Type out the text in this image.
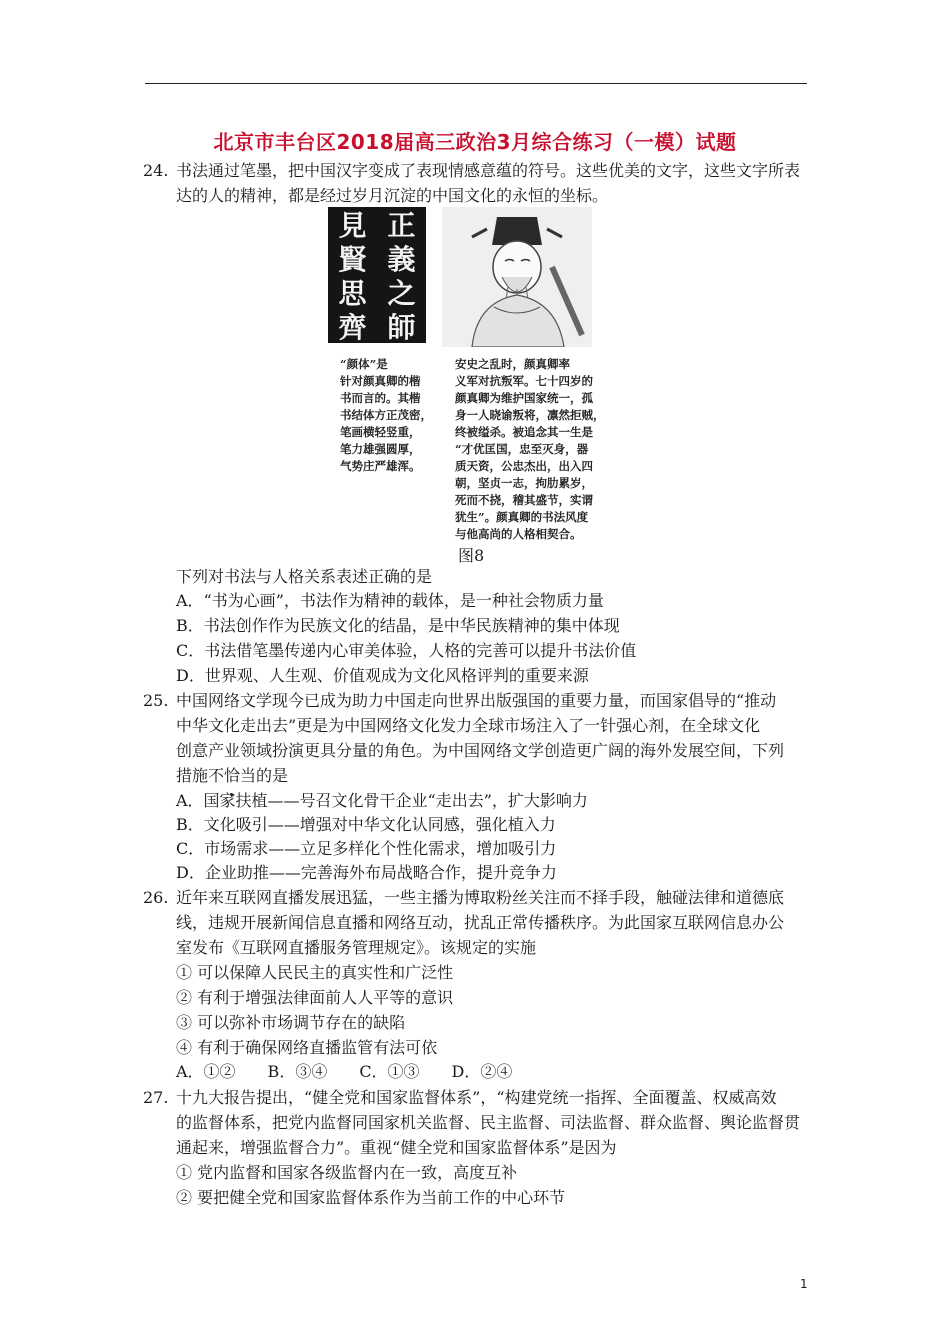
北京市丰台区2018届高三政治3月综合练习（一模）试题
24. 书法通过笔墨，把中国汉字变成了表现情感意蕴的符号。这些优美的文字，这些文字所表
达的人的精神，都是经过岁月沉淀的中国文化的永恒的坐标。
見
賢
思
齊
正
義
之
師
“颜体”是
针对颜真卿的楷
书而言的。其楷
书结体方正茂密，
笔画横轻竖重，
笔力雄强圆厚，
气势庄严雄浑。
安史之乱时，颜真卿率
义军对抗叛军。七十四岁的
颜真卿为维护国家统一，孤
身一人晓谕叛将，凛然拒贼，
终被缢杀。被追念其一生是
“才优匡国，忠至灭身，器
质天资，公忠杰出，出入四
朝，坚贞一志，拘肋累岁，
死而不挠，稽其盛节，实谓
犹生”。颜真卿的书法风度
与他高尚的人格相契合。
图8
下列对书法与人格关系表述正确的是
A．“书为心画”，书法作为精神的载体，是一种社会物质力量
B．书法创作作为民族文化的结晶，是中华民族精神的集中体现
C．书法借笔墨传递内心审美体验，人格的完善可以提升书法价值
D．世界观、人生观、价值观成为文化风格评判的重要来源
25. 中国网络文学现今已成为助力中国走向世界出版强国的重要力量，而国家倡导的“推动
中华文化走出去”更是为中国网络文化发力全球市场注入了一针强心剂，在全球文化
创意产业领域扮演更具分量的角色。为中国网络文学创造更广阔的海外发展空间，下列
措施不恰当的是
A．国家扶植——号召文化骨干企业“走出去”，扩大影响力
B．文化吸引——增强对中华文化认同感，强化植入力
C．市场需求——立足多样化个性化需求，增加吸引力
D．企业助推——完善海外布局战略合作，提升竞争力
26. 近年来互联网直播发展迅猛，一些主播为博取粉丝关注而不择手段，触碰法律和道德底
线，违规开展新闻信息直播和网络互动，扰乱正常传播秩序。为此国家互联网信息办公
室发布《互联网直播服务管理规定》。该规定的实施
① 可以保障人民民主的真实性和广泛性
② 有利于增强法律面前人人平等的意识
③ 可以弥补市场调节存在的缺陷
④ 有利于确保网络直播监管有法可依
A．①②　　B．③④　　C．①③　　D．②④
27. 十九大报告提出，“健全党和国家监督体系”，“构建党统一指挥、全面覆盖、权威高效
的监督体系，把党内监督同国家机关监督、民主监督、司法监督、群众监督、舆论监督贯
通起来，增强监督合力”。重视“健全党和国家监督体系”是因为
① 党内监督和国家各级监督内在一致，高度互补
② 要把健全党和国家监督体系作为当前工作的中心环节
1
